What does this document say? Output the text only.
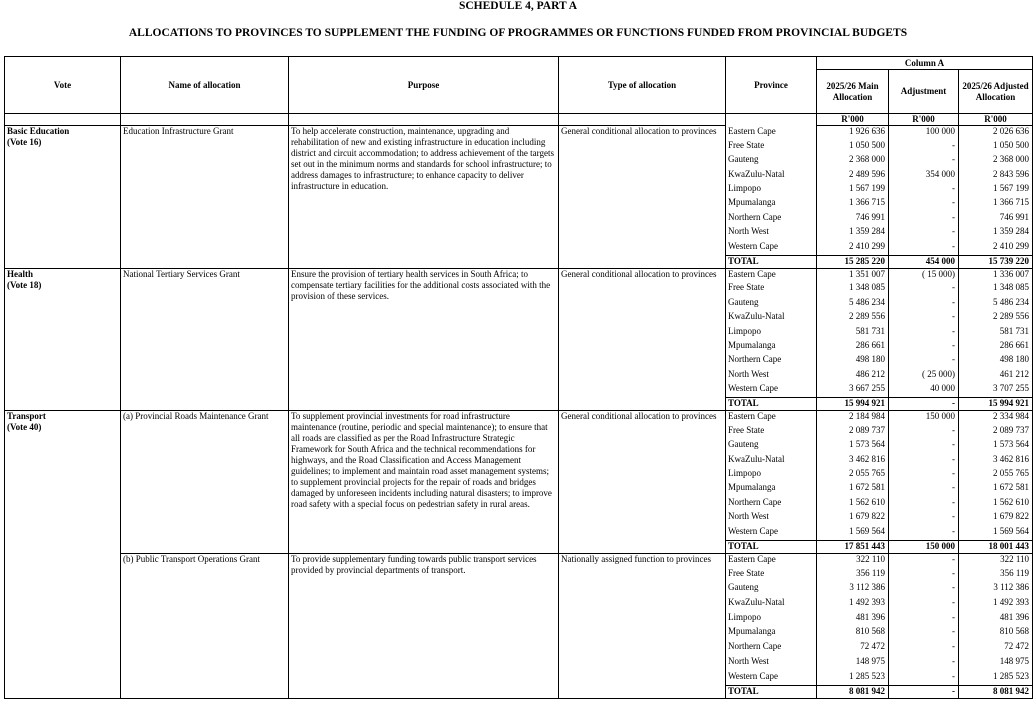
SCHEDULE 4, PART A
ALLOCATIONS TO PROVINCES TO SUPPLEMENT THE FUNDING OF PROGRAMMES OR FUNCTIONS FUNDED FROM PROVINCIAL BUDGETS
Vote	Name of allocation	Purpose	Type of allocation	Province	Column A		
					2025/26 Main Allocation	Adjustment	2025/26 Adjusted Allocation

					R'000	R'000	R'000

Basic Education
(Vote 16)	Education Infrastructure Grant	To help accelerate construction, maintenance, upgrading and rehabilitation of new and existing infrastructure in education including district and circuit accommodation; to address achievement of the targets set out in the minimum norms and standards for school infrastructure; to address damages to infrastructure; to enhance capacity to deliver infrastructure in education.	General conditional allocation to provinces	Eastern Cape	1 926 636	100 000	2 026 636
				Free State	1 050 500	-	1 050 500
				Gauteng	2 368 000	-	2 368 000
				KwaZulu-Natal	2 489 596	354 000	2 843 596
				Limpopo	1 567 199	-	1 567 199
				Mpumalanga	1 366 715	-	1 366 715
				Northern Cape	746 991	-	746 991
				North West	1 359 284	-	1 359 284
				Western Cape	2 410 299	-	2 410 299
				TOTAL	15 285 220	454 000	15 739 220

Health
(Vote 18)	National Tertiary Services Grant	Ensure the provision of tertiary health services in South Africa; to compensate tertiary facilities for the additional costs associated with the provision of these services.	General conditional allocation to provinces	Eastern Cape	1 351 007	( 15 000)	1 336 007
				Free State	1 348 085	-	1 348 085
				Gauteng	5 486 234	-	5 486 234
				KwaZulu-Natal	2 289 556	-	2 289 556
				Limpopo	581 731	-	581 731
				Mpumalanga	286 661	-	286 661
				Northern Cape	498 180	-	498 180
				North West	486 212	( 25 000)	461 212
				Western Cape	3 667 255	40 000	3 707 255
				TOTAL	15 994 921	-	15 994 921

Transport
(Vote 40)	(a) Provincial Roads Maintenance Grant	To supplement provincial investments for road infrastructure maintenance (routine, periodic and special maintenance); to ensure that all roads are classified as per the Road Infrastructure Strategic Framework for South Africa and the technical recommendations for highways, and the Road Classification and Access Management guidelines; to implement and maintain road asset management systems; to supplement provincial projects for the repair of roads and bridges damaged by unforeseen incidents including natural disasters; to improve road safety with a special focus on pedestrian safety in rural areas.	General conditional allocation to provinces	Eastern Cape	2 184 984	150 000	2 334 984
				Free State	2 089 737	-	2 089 737
				Gauteng	1 573 564	-	1 573 564
				KwaZulu-Natal	3 462 816	-	3 462 816
				Limpopo	2 055 765	-	2 055 765
				Mpumalanga	1 672 581	-	1 672 581
				Northern Cape	1 562 610	-	1 562 610
				North West	1 679 822	-	1 679 822
				Western Cape	1 569 564	-	1 569 564
				TOTAL	17 851 443	150 000	18 001 443
	(b) Public Transport Operations Grant	To provide supplementary funding towards public transport services provided by provincial departments of transport.	Nationally assigned function to provinces	Eastern Cape	322 110	-	322 110
				Free State	356 119	-	356 119
				Gauteng	3 112 386	-	3 112 386
				KwaZulu-Natal	1 492 393	-	1 492 393
				Limpopo	481 396	-	481 396
				Mpumalanga	810 568	-	810 568
				Northern Cape	72 472	-	72 472
				North West	148 975	-	148 975
				Western Cape	1 285 523	-	1 285 523
				TOTAL	8 081 942	-	8 081 942
